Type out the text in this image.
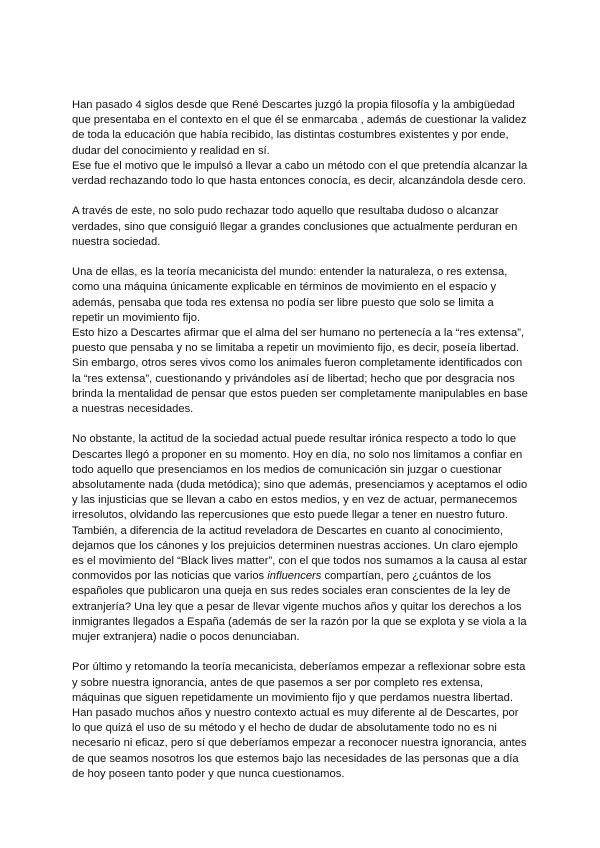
Han pasado 4 siglos desde que René Descartes juzgó la propia filosofía y la ambigüedad que presentaba en el contexto en el que él se enmarcaba , además de cuestionar la validez de toda la educación que había recibido, las distintas costumbres existentes y por ende, dudar del conocimiento y realidad en sí.

Ese fue el motivo que le impulsó a llevar a cabo un método con el que pretendía alcanzar la verdad rechazando todo lo que hasta entonces conocía, es decir, alcanzándola desde cero.

A través de este, no solo pudo rechazar todo aquello que resultaba dudoso o alcanzar verdades, sino que consiguió llegar a grandes conclusiones que actualmente perduran en nuestra sociedad.

Una de ellas, es la teoría mecanicista del mundo: entender la naturaleza, o res extensa, como una máquina únicamente explicable en términos de movimiento en el espacio y además, pensaba que toda res extensa no podía ser libre puesto que solo se limita a repetir un movimiento fijo.

Esto hizo a Descartes afirmar que el alma del ser humano no pertenecía a la “res extensa”, puesto que pensaba y no se limitaba a repetir un movimiento fijo, es decir, poseía libertad. Sin embargo, otros seres vivos como los animales fueron completamente identificados con la “res extensa”, cuestionando y privándoles así de libertad; hecho que por desgracia nos brinda la mentalidad de pensar que estos pueden ser completamente manipulables en base a nuestras necesidades.

No obstante, la actitud de la sociedad actual puede resultar irónica respecto a todo lo que Descartes llegó a proponer en su momento. Hoy en día, no solo nos limitamos a confiar en todo aquello que presenciamos en los medios de comunicación sin juzgar o cuestionar absolutamente nada (duda metódica); sino que además, presenciamos y aceptamos el odio y las injusticias que se llevan a cabo en estos medios, y en vez de actuar, permanecemos irresolutos, olvidando las repercusiones que esto puede llegar a tener en nuestro futuro.

También, a diferencia de la actitud reveladora de Descartes en cuanto al conocimiento, dejamos que los cánones y los prejuicios determinen nuestras acciones. Un claro ejemplo es el movimiento del “Black lives matter”, con el que todos nos sumamos a la causa al estar conmovidos por las noticias que varios influencers compartían, pero ¿cuántos de los españoles que publicaron una queja en sus redes sociales eran conscientes de la ley de extranjería? Una ley que a pesar de llevar vigente muchos años y quitar los derechos a los inmigrantes llegados a España (además de ser la razón por la que se explota y se viola a la mujer extranjera) nadie o pocos denunciaban.

Por último y retomando la teoría mecanicista, deberíamos empezar a reflexionar sobre esta y sobre nuestra ignorancia, antes de que pasemos a ser por completo res extensa, máquinas que siguen repetidamente un movimiento fijo y que perdamos nuestra libertad.

Han pasado muchos años y nuestro contexto actual es muy diferente al de Descartes, por lo que quizá el uso de su método y el hecho de dudar de absolutamente todo no es ni necesario ni eficaz, pero sí que deberíamos empezar a reconocer nuestra ignorancia, antes de que seamos nosotros los que estemos bajo las necesidades de las personas que a día de hoy poseen tanto poder y que nunca cuestionamos.
